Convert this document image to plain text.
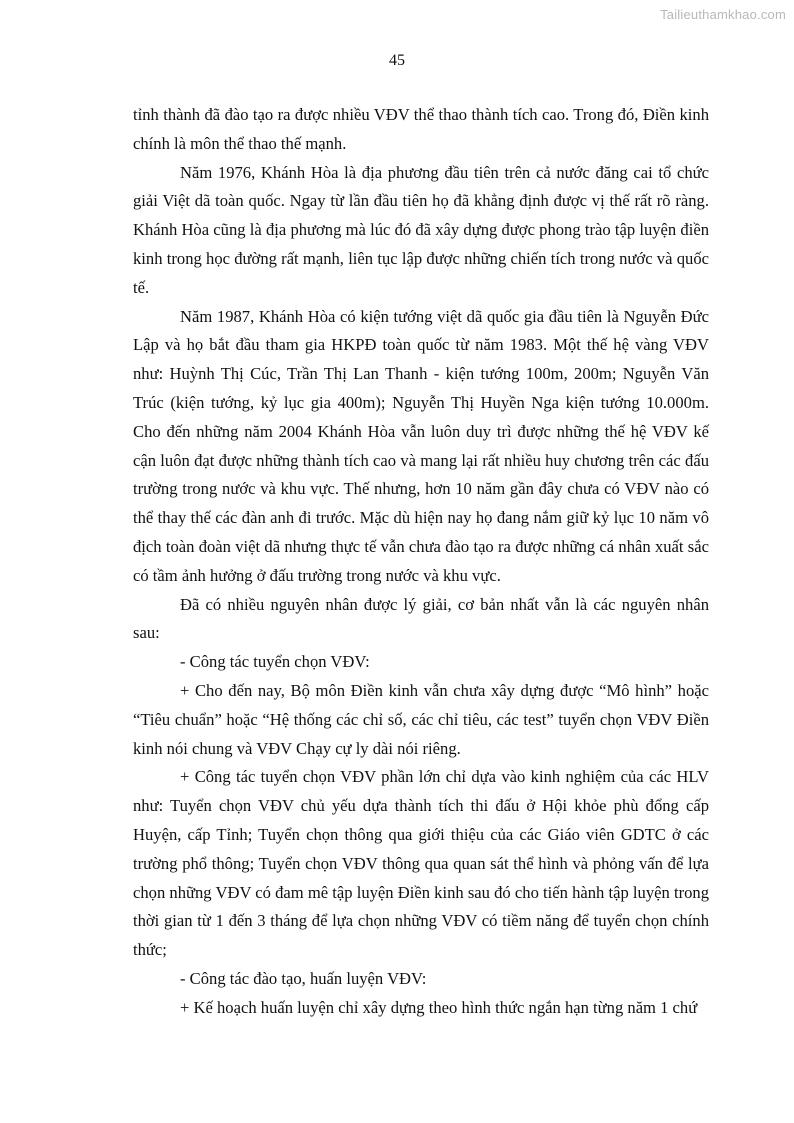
Tailieuthamkhao.com
45

tỉnh thành đã đào tạo ra được nhiều VĐV thể thao thành tích cao. Trong đó, Điền kinh chính là môn thể thao thế mạnh.

Năm 1976, Khánh Hòa là địa phương đầu tiên trên cả nước đăng cai tổ chức giải Việt dã toàn quốc. Ngay từ lần đầu tiên họ đã khẳng định được vị thế rất rõ ràng. Khánh Hòa cũng là địa phương mà lúc đó đã xây dựng được phong trào tập luyện điền kinh trong học đường rất mạnh, liên tục lập được những chiến tích trong nước và quốc tế.

Năm 1987, Khánh Hòa có kiện tướng việt dã quốc gia đầu tiên là Nguyễn Đức Lập và họ bắt đầu tham gia HKPĐ toàn quốc từ năm 1983. Một thế hệ vàng VĐV như: Huỳnh Thị Cúc, Trần Thị Lan Thanh - kiện tướng 100m, 200m; Nguyễn Văn Trúc (kiện tướng, kỷ lục gia 400m); Nguyễn Thị Huyền Nga kiện tướng 10.000m. Cho đến những năm 2004 Khánh Hòa vẫn luôn duy trì được những thế hệ VĐV kế cận luôn đạt được những thành tích cao và mang lại rất nhiều huy chương trên các đấu trường trong nước và khu vực. Thế nhưng, hơn 10 năm gần đây chưa có VĐV nào có thể thay thế các đàn anh đi trước. Mặc dù hiện nay họ đang nắm giữ kỷ lục 10 năm vô địch toàn đoàn việt dã nhưng thực tế vẫn chưa đào tạo ra được những cá nhân xuất sắc có tầm ảnh hưởng ở đấu trường trong nước và khu vực.

Đã có nhiều nguyên nhân được lý giải, cơ bản nhất vẫn là các nguyên nhân sau:

- Công tác tuyển chọn VĐV:

+ Cho đến nay, Bộ môn Điền kinh vẫn chưa xây dựng được “Mô hình” hoặc “Tiêu chuẩn” hoặc “Hệ thống các chỉ số, các chỉ tiêu, các test” tuyển chọn VĐV Điền kinh nói chung và VĐV Chạy cự ly dài nói riêng.

+ Công tác tuyển chọn VĐV phần lớn chỉ dựa vào kinh nghiệm của các HLV như: Tuyển chọn VĐV chủ yếu dựa thành tích thi đấu ở Hội khỏe phù đổng cấp Huyện, cấp Tỉnh; Tuyển chọn thông qua giới thiệu của các Giáo viên GDTC ở các trường phổ thông; Tuyển chọn VĐV thông qua quan sát thể hình và phỏng vấn để lựa chọn những VĐV có đam mê tập luyện Điền kinh sau đó cho tiến hành tập luyện trong thời gian từ 1 đến 3 tháng để lựa chọn những VĐV có tiềm năng để tuyển chọn chính thức;

- Công tác đào tạo, huấn luyện VĐV:

+ Kế hoạch huấn luyện chỉ xây dựng theo hình thức ngắn hạn từng năm 1 chứ
